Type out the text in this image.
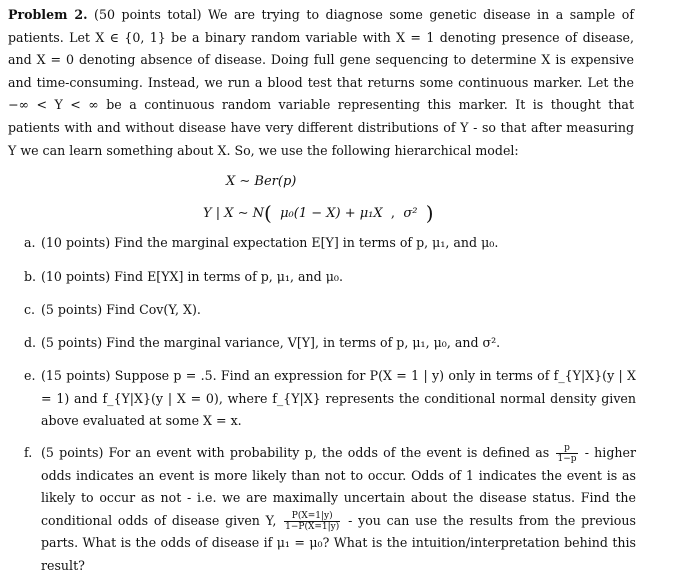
Problem 2. (50 points total) We are trying to diagnose some genetic disease in a sample of patients. Let X ∈ {0, 1} be a binary random variable with X = 1 denoting presence of disease, and X = 0 denoting absence of disease. Doing full gene sequencing to determine X is expensive and time-consuming. Instead, we run a blood test that returns some continuous marker. Let the −∞ < Y < ∞ be a continuous random variable representing this marker. It is thought that patients with and without disease have very different distributions of Y - so that after measuring Y we can learn something about X. So, we use the following hierarchical model:
X ∼ Ber(p)
Y | X ∼ N( μ₀(1 − X) + μ₁X , σ² )
a. (10 points) Find the marginal expectation E[Y] in terms of p, μ₁, and μ₀.
b. (10 points) Find E[YX] in terms of p, μ₁, and μ₀.
c. (5 points) Find Cov(Y, X).
d. (5 points) Find the marginal variance, V[Y], in terms of p, μ₁, μ₀, and σ².
e. (15 points) Suppose p = .5. Find an expression for P(X = 1 | y) only in terms of f_{Y|X}(y | X = 1) and f_{Y|X}(y | X = 0), where f_{Y|X} represents the conditional normal density given above evaluated at some X = x.
f. (5 points) For an event with probability p, the odds of the event is defined as $\frac{p}{1-p}$ - higher odds indicates an event is more likely than not to occur. Odds of 1 indicates the event is as likely to occur as not - i.e. we are maximally uncertain about the disease status. Find the conditional odds of disease given Y, $\frac{P(X=1|y)}{1-P(X=1|y)}$ - you can use the results from the previous parts. What is the odds of disease if μ₁ = μ₀? What is the intuition/interpretation behind this result?
